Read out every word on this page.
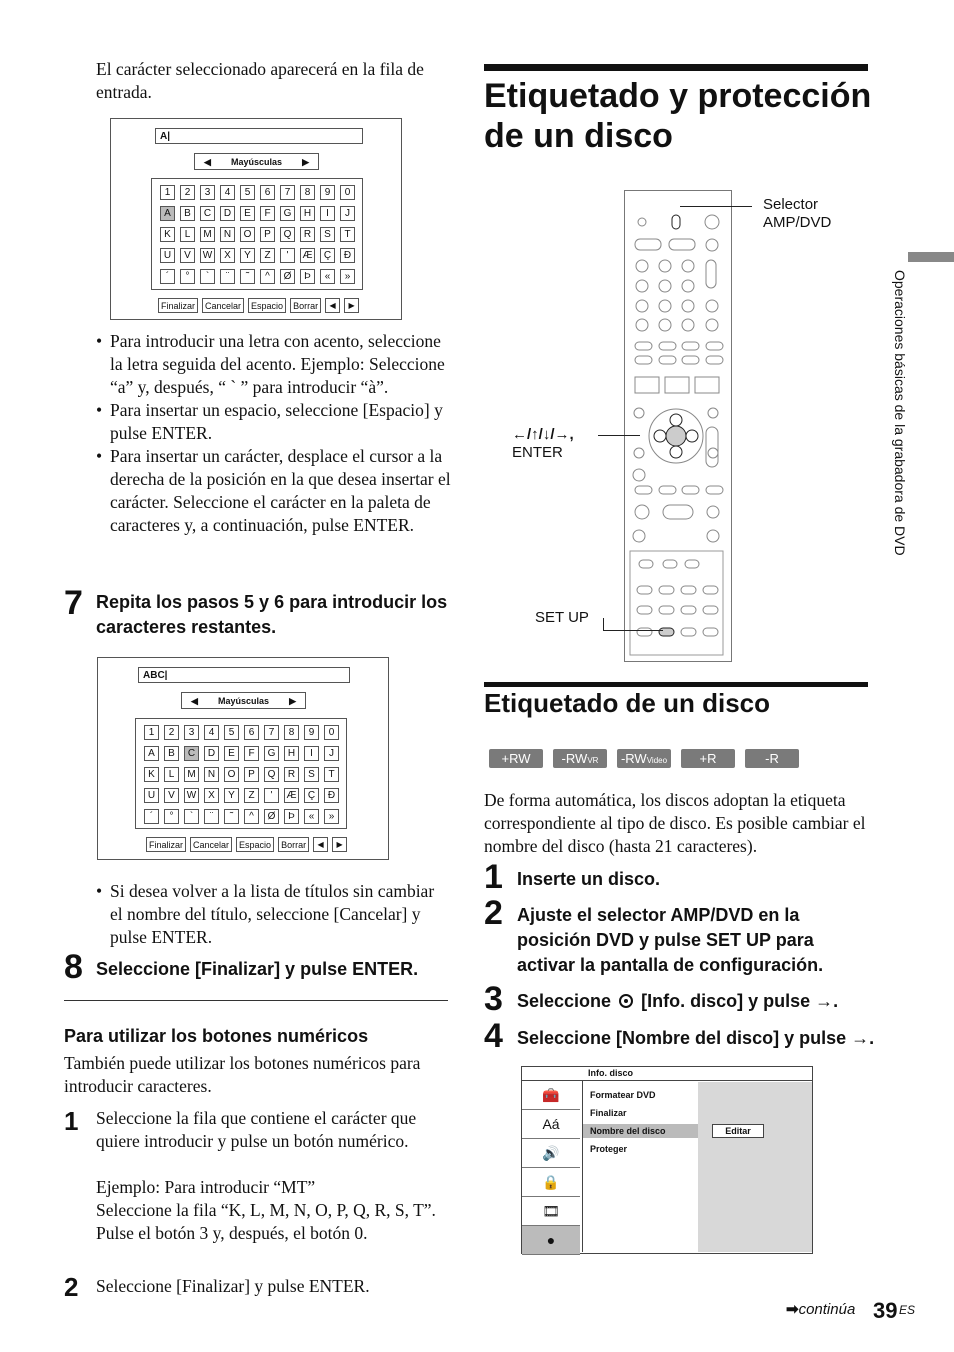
El carácter seleccionado aparecerá en la fila de entrada.
A|
◀ Mayúsculas ▶
1	2	3	4	5	6	7	8	9	0
A	B	C	D	E	F	G	H	I	J
K	L	M	N	O	P	Q	R	S	T
U	V	W	X	Y	Z	'	Æ	Ç	Ð
´	°	`	¨	˜	^	Ø	Þ	«	»
Finalizar	Cancelar	Espacio	Borrar	◀	▶
• Para introducir una letra con acento, seleccione la letra seguida del acento. Ejemplo: Seleccione “a” y, después, “ ` ” para introducir “à”.
• Para insertar un espacio, seleccione [Espacio] y pulse ENTER.
• Para insertar un carácter, desplace el cursor a la derecha de la posición en la que desea insertar el carácter. Seleccione el carácter en la paleta de caracteres y, a continuación, pulse ENTER.
7 Repita los pasos 5 y 6 para introducir los caracteres restantes.
ABC|
◀ Mayúsculas ▶
1	2	3	4	5	6	7	8	9	0
A	B	C	D	E	F	G	H	I	J
K	L	M	N	O	P	Q	R	S	T
U	V	W	X	Y	Z	'	Æ	Ç	Ð
´	°	`	¨	˜	^	Ø	Þ	«	»
Finalizar	Cancelar	Espacio	Borrar	◀	▶
• Si desea volver a la lista de títulos sin cambiar el nombre del título, seleccione [Cancelar] y pulse ENTER.
8 Seleccione [Finalizar] y pulse ENTER.
Para utilizar los botones numéricos
También puede utilizar los botones numéricos para introducir caracteres.
1 Seleccione la fila que contiene el carácter que quiere introducir y pulse un botón numérico.
Ejemplo: Para introducir “MT”
Seleccione la fila “K, L, M, N, O, P, Q, R, S, T”.
Pulse el botón 3 y, después, el botón 0.
2 Seleccione [Finalizar] y pulse ENTER.
Etiquetado y protección de un disco
Selector AMP/DVD
←/↑/↓/→,
ENTER
SET UP
Operaciones básicas de la grabadora de DVD
Etiquetado de un disco
+RW	-RWVR	-RWVideo	+R	-R
De forma automática, los discos adoptan la etiqueta correspondiente al tipo de disco. Es posible cambiar el nombre del disco (hasta 21 caracteres).
1 Inserte un disco.
2 Ajuste el selector AMP/DVD en la posición DVD y pulse SET UP para activar la pantalla de configuración.
3 Seleccione [Info. disco] y pulse →.
4 Seleccione [Nombre del disco] y pulse →.
Info. disco
🧰
Aá
🔊
🔒
🎞
●
Formatear DVD
Finalizar
Nombre del disco
Proteger
Editar
➡continúa 39 ES
